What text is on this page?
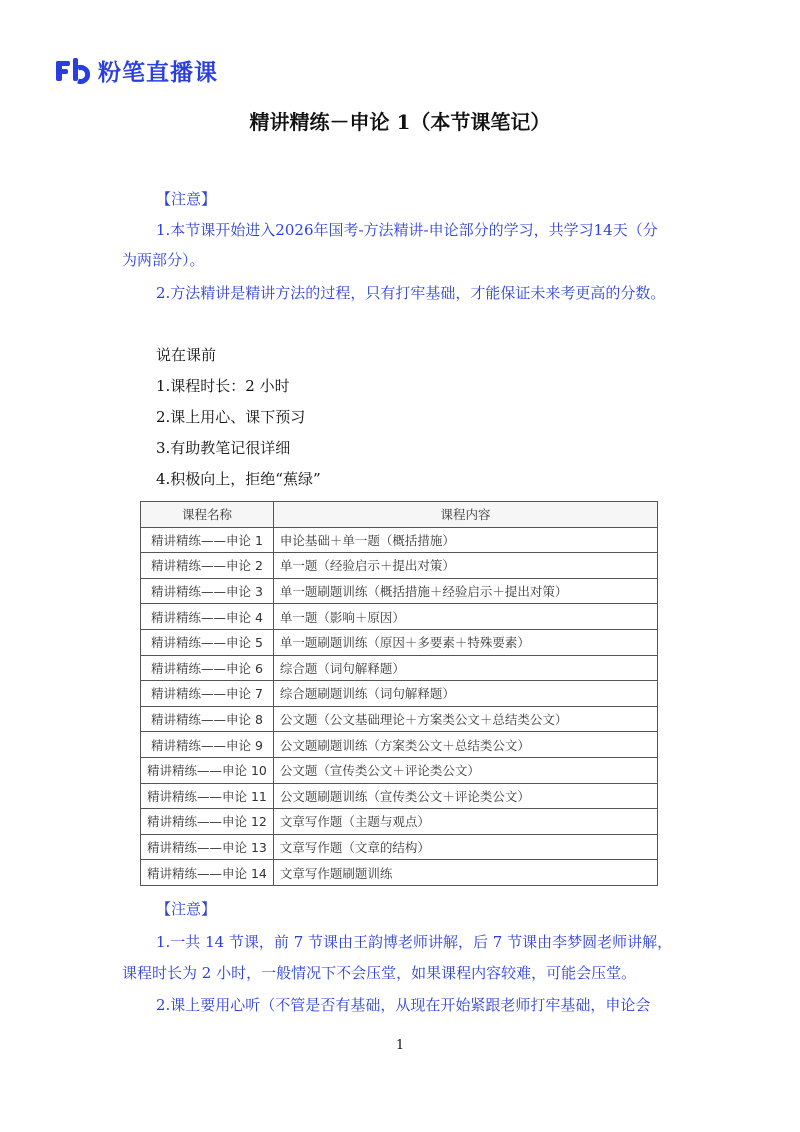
粉笔直播课
精讲精练－申论 1（本节课笔记）
【注意】
1.本节课开始进入2026年国考-方法精讲-申论部分的学习，共学习14天（分
为两部分）。
2.方法精讲是精讲方法的过程，只有打牢基础，才能保证未来考更高的分数。
说在课前
1.课程时长：2 小时
2.课上用心、课下预习
3.有助教笔记很详细
4.积极向上，拒绝“蕉绿”
课程名称	课程内容
精讲精练——申论 1	申论基础＋单一题（概括措施）
精讲精练——申论 2	单一题（经验启示＋提出对策）
精讲精练——申论 3	单一题刷题训练（概括措施＋经验启示＋提出对策）
精讲精练——申论 4	单一题（影响＋原因）
精讲精练——申论 5	单一题刷题训练（原因＋多要素＋特殊要素）
精讲精练——申论 6	综合题（词句解释题）
精讲精练——申论 7	综合题刷题训练（词句解释题）
精讲精练——申论 8	公文题（公文基础理论＋方案类公文＋总结类公文）
精讲精练——申论 9	公文题刷题训练（方案类公文＋总结类公文）
精讲精练——申论 10	公文题（宣传类公文＋评论类公文）
精讲精练——申论 11	公文题刷题训练（宣传类公文＋评论类公文）
精讲精练——申论 12	文章写作题（主题与观点）
精讲精练——申论 13	文章写作题（文章的结构）
精讲精练——申论 14	文章写作题刷题训练
【注意】
1.一共 14 节课，前 7 节课由王韵博老师讲解，后 7 节课由李梦圆老师讲解，
课程时长为 2 小时，一般情况下不会压堂，如果课程内容较难，可能会压堂。
2.课上要用心听（不管是否有基础，从现在开始紧跟老师打牢基础，申论会
1
